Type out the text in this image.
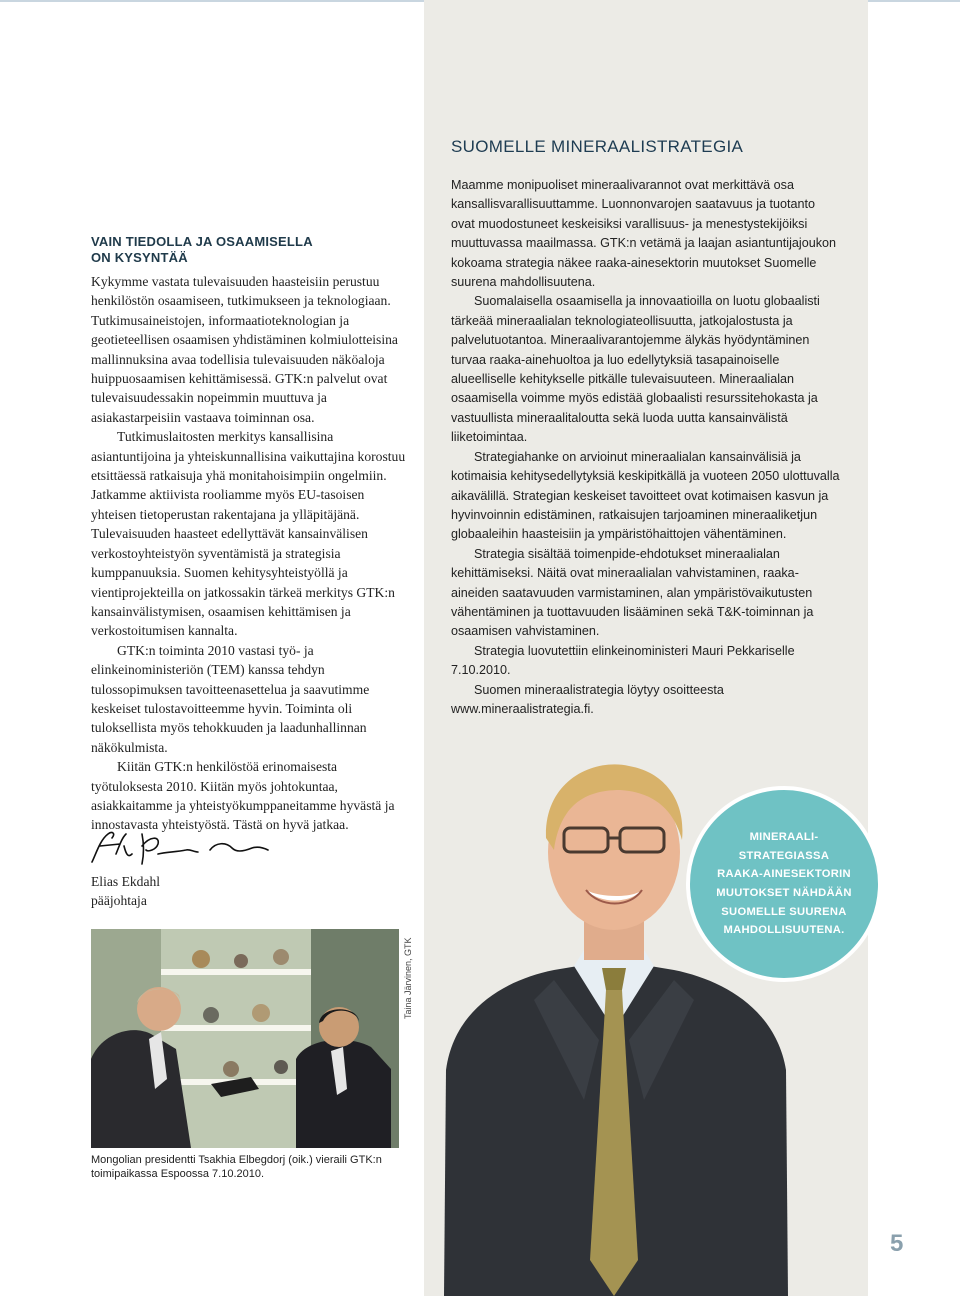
VAIN TIEDOLLA JA OSAAMISELLA
ON KYSYNTÄÄ

Kykymme vastata tulevaisuuden haasteisiin perustuu henkilöstön osaamiseen, tutkimukseen ja teknologiaan. Tutkimusaineistojen, informaatioteknologian ja geotieteellisen osaamisen yhdistäminen kolmiulotteisina mallinnuksina avaa todellisia tulevaisuuden näköaloja huippuosaamisen kehittämisessä. GTK:n palvelut ovat tulevaisuudessakin nopeimmin muuttuva ja asiakastarpeisiin vastaava toiminnan osa.

Tutkimuslaitosten merkitys kansallisina asiantuntijoina ja yhteiskunnallisina vaikuttajina korostuu etsittäessä ratkaisuja yhä monitahoisimpiin ongelmiin. Jatkamme aktiivista rooliamme myös EU-tasoisen yhteisen tietoperustan rakentajana ja ylläpitäjänä. Tulevaisuuden haasteet edellyttävät kansainvälisen verkostoyhteistyön syventämistä ja strategisia kumppanuuksia. Suomen kehitysyhteistyöllä ja vientiprojekteilla on jatkossakin tärkeä merkitys GTK:n kansainvälistymisen, osaamisen kehittämisen ja verkostoitumisen kannalta.

GTK:n toiminta 2010 vastasi työ- ja elinkeinoministeriön (TEM) kanssa tehdyn tulossopimuksen tavoitteenasettelua ja saavutimme keskeiset tulostavoitteemme hyvin. Toiminta oli tuloksellista myös tehokkuuden ja laadunhallinnan näkökulmista.

Kiitän GTK:n henkilöstöä erinomaisesta työtuloksesta 2010. Kiitän myös johtokuntaa, asiakkaitamme ja yhteistyökumppaneitamme hyvästä ja innostavasta yhteistyöstä. Tästä on hyvä jatkaa.

Elias Ekdahl
pääjohtaja
Taina Järvinen, GTK
Mongolian presidentti Tsakhia Elbegdorj (oik.) vieraili GTK:n toimipaikassa Espoossa 7.10.2010.
SUOMELLE MINERAALISTRATEGIA

Maamme monipuoliset mineraalivarannot ovat merkittävä osa kansallisvarallisuuttamme. Luonnonvarojen saatavuus ja tuotanto ovat muodostuneet keskeisiksi varallisuus- ja menestystekijöiksi muuttuvassa maailmassa. GTK:n vetämä ja laajan asiantuntijajoukon kokoama strategia näkee raaka-ainesektorin muutokset Suomelle suurena mahdollisuutena.

Suomalaisella osaamisella ja innovaatioilla on luotu globaalisti tärkeää mineraalialan teknologiateollisuutta, jatkojalostusta ja palvelutuotantoa. Mineraalivarantojemme älykäs hyödyntäminen turvaa raaka-ainehuoltoa ja luo edellytyksiä tasapainoiselle alueelliselle kehitykselle pitkälle tulevaisuuteen. Mineraalialan osaamisella voimme myös edistää globaalisti resurssitehokasta ja vastuullista mineraalitaloutta sekä luoda uutta kansainvälistä liiketoimintaa.

Strategiahanke on arvioinut mineraalialan kansainvälisiä ja kotimaisia kehitysedellytyksiä keskipitkällä ja vuoteen 2050 ulottuvalla aikavälillä. Strategian keskeiset tavoitteet ovat kotimaisen kasvun ja hyvinvoinnin edistäminen, ratkaisujen tarjoaminen mineraaliketjun globaaleihin haasteisiin ja ympäristöhaittojen vähentäminen.

Strategia sisältää toimenpide-ehdotukset mineraalialan kehittämiseksi. Näitä ovat mineraalialan vahvistaminen, raaka-aineiden saatavuuden varmistaminen, alan ympäristövaikutusten vähentäminen ja tuottavuuden lisääminen sekä T&K-toiminnan ja osaamisen vahvistaminen.

Strategia luovutettiin elinkeinoministeri Mauri Pekkariselle 7.10.2010.

Suomen mineraalistrategia löytyy osoitteesta www.mineraalistrategia.fi.

MINERAALI-
STRATEGIASSA
RAAKA-AINESEKTORIN
MUUTOKSET NÄHDÄÄN
SUOMELLE SUURENA
MAHDOLLISUUTENA.
5
